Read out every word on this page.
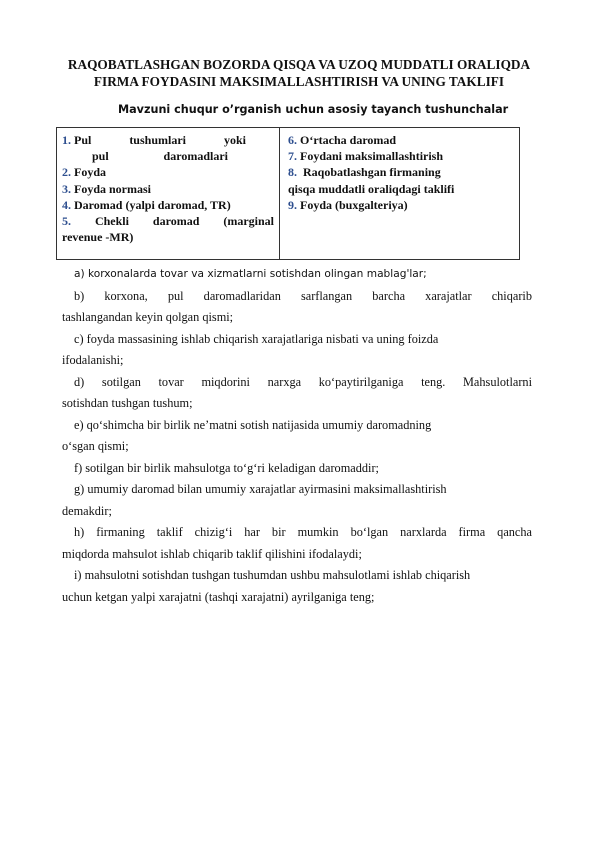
RAQOBATLASHGAN BOZORDA QISQA VA UZOQ MUDDATLI ORALIQDA FIRMA FOYDASINI MAKSIMALLASHTIRISH VA UNING TAKLIFI

Mavzuni chuqur o’rganish uchun asosiy tayanch tushunchalar

1. Pul	tushumlari	yoki
pul	daromadlari
2. Foyda
3. Foyda normasi
4. Daromad (yalpi daromad, TR)
5. Chekli daromad (marginal
revenue -MR)
6. O‘rtacha daromad
7. Foydani maksimallashtirish
8. Raqobatlashgan firmaning
qisqa muddatli oraliqdagi taklifi
9. Foyda (buxgalteriya)

a) korxonalarda tovar va xizmatlarni sotishdan olingan mablag'lar;

b) korxona, pul daromadlaridan sarflangan barcha xarajatlar chiqarib
tashlangandan keyin qolgan qismi;

c) foyda massasining ishlab chiqarish xarajatlariga nisbati va uning foizda
ifodalanishi;

d) sotilgan tovar miqdorini narxga ko‘paytirilganiga teng. Mahsulotlarni
sotishdan tushgan tushum;

e) qo‘shimcha bir birlik ne’matni sotish natijasida umumiy daromadning
o‘sgan qismi;

f) sotilgan bir birlik mahsulotga to‘g‘ri keladigan daromaddir;

g) umumiy daromad bilan umumiy xarajatlar ayirmasini maksimallashtirish
demakdir;

h) firmaning taklif chizig‘i har bir mumkin bo‘lgan narxlarda firma qancha
miqdorda mahsulot ishlab chiqarib taklif qilishini ifodalaydi;

i) mahsulotni sotishdan tushgan tushumdan ushbu mahsulotlami ishlab chiqarish
uchun ketgan yalpi xarajatni (tashqi xarajatni) ayrilganiga teng;
